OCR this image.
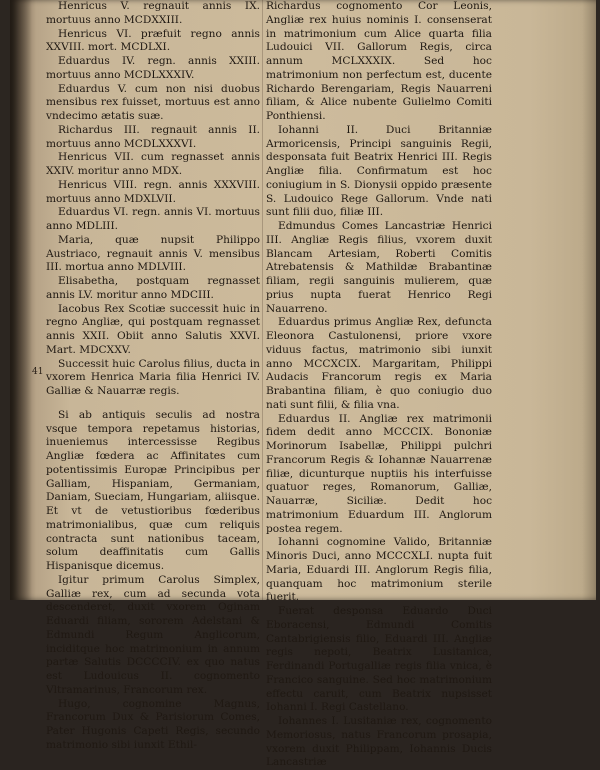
Henricus V. regnauit annis IX. mortuus anno MCDXXIII.

Henricus VI. præfuit regno annis XXVIII. mort. MCDLXI.

Eduardus IV. regn. annis XXIII. mortuus anno MCDLXXXIV.

Eduardus V. cum non nisi duobus mensibus rex fuisset, mortuus est anno vndecimo ætatis suæ.

Richardus III. regnauit annis II. mortuus anno MCDLXXXVI.

Henricus VII. cum regnasset annis XXIV. moritur anno MDX.

Henricus VIII. regn. annis XXXVIII. mortuus anno MDXLVII.

Eduardus VI. regn. annis VI. mortuus anno MDLIII.

Maria, quæ nupsit Philippo Austriaco, regnauit annis V. mensibus III. mortua anno MDLVIII.

Elisabetha, postquam regnasset annis LV. moritur anno MDCIII.

Iacobus Rex Scotiæ successit huic in regno Angliæ, qui postquam regnasset annis XXII. Obiit anno Salutis XXVI. Mart. MDCXXV.

Successit huic Carolus filius, ducta in vxorem Henrica Maria filia Henrici IV. Galliæ & Nauarræ regis.

Si ab antiquis seculis ad nostra vsque tempora repetamus historias, inueniemus intercessisse Regibus Angliæ fœdera ac Affinitates cum potentissimis Europæ Principibus per Galliam, Hispaniam, Germaniam, Daniam, Sueciam, Hungariam, aliisque. Et vt de vetustioribus fœderibus matrimonialibus, quæ cum reliquis contracta sunt nationibus taceam, solum deaffinitatis cum Gallis Hispanisque dicemus.

Igitur primum Carolus Simplex, Galliæ rex, cum ad secunda vota descenderet, duxit vxorem Oginam Eduardi filiam, sororem Adelstani & Edmundi Regum Anglicorum, inciditque hoc matrimonium in annum partæ Salutis DCCCCIV. ex quo natus est Ludouicus II. cognomento Vltramarinus, Francorum rex.

Hugo, cognomine Magnus, Francorum Dux & Parisiorum Comes, Pater Hugonis Capeti Regis, secundo matrimonio sibi iunxit Ethil-

Richardus cognomento Cor Leonis, Angliæ rex huius nominis I. consenserat in matrimonium cum Alice quarta filia Ludouici VII. Gallorum Regis, circa annum MCLXXXIX. Sed hoc matrimonium non perfectum est, ducente Richardo Berengariam, Regis Nauarreni filiam, & Alice nubente Gulielmo Comiti Ponthiensi.

Iohanni II. Duci Britanniæ Armoricensis, Principi sanguinis Regii, desponsata fuit Beatrix Henrici III. Regis Angliæ filia. Confirmatum est hoc coniugium in S. Dionysii oppido præsente S. Ludouico Rege Gallorum. Vnde nati sunt filii duo, filiæ III.

Edmundus Comes Lancastriæ Henrici III. Angliæ Regis filius, vxorem duxit Blancam Artesiam, Roberti Comitis Atrebatensis & Mathildæ Brabantinæ filiam, regii sanguinis mulierem, quæ prius nupta fuerat Henrico Regi Nauarreno.

Eduardus primus Angliæ Rex, defuncta Eleonora Castulonensi, priore vxore viduus factus, matrimonio sibi iunxit anno MCCXCIX. Margaritam, Philippi Audacis Francorum regis ex Maria Brabantina filiam, è quo coniugio duo nati sunt filii, & filia vna.

Eduardus II. Angliæ rex matrimonii fidem dedit anno MCCCIX. Bononiæ Morinorum Isabellæ, Philippi pulchri Francorum Regis & Iohannæ Nauarrenæ filiæ, dicunturque nuptiis his interfuisse quatuor reges, Romanorum, Galliæ, Nauarræ, Siciliæ. Dedit hoc matrimonium Eduardum III. Anglorum postea regem.

Iohanni cognomine Valido, Britanniæ Minoris Duci, anno MCCCXLI. nupta fuit Maria, Eduardi III. Anglorum Regis filia, quanquam hoc matrimonium sterile fuerit.

Fuerat desponsa Eduardo Duci Eboracensi, Edmundi Comitis Cantabrigiensis filio, Eduardi III. Angliæ regis nepoti, Beatrix Lusitanica, Ferdinandi Portugalliæ regis filia vnica, è Francico sanguine. Sed hoc matrimonium effectu caruit, cum Beatrix nupsisset Iohanni I. Regi Castellano.

Iohannes I. Lusitaniæ rex, cognomento Memoriosus, natus Francorum prosapia, vxorem duxit Philippam, Iohannis Ducis Lancastriæ

41
